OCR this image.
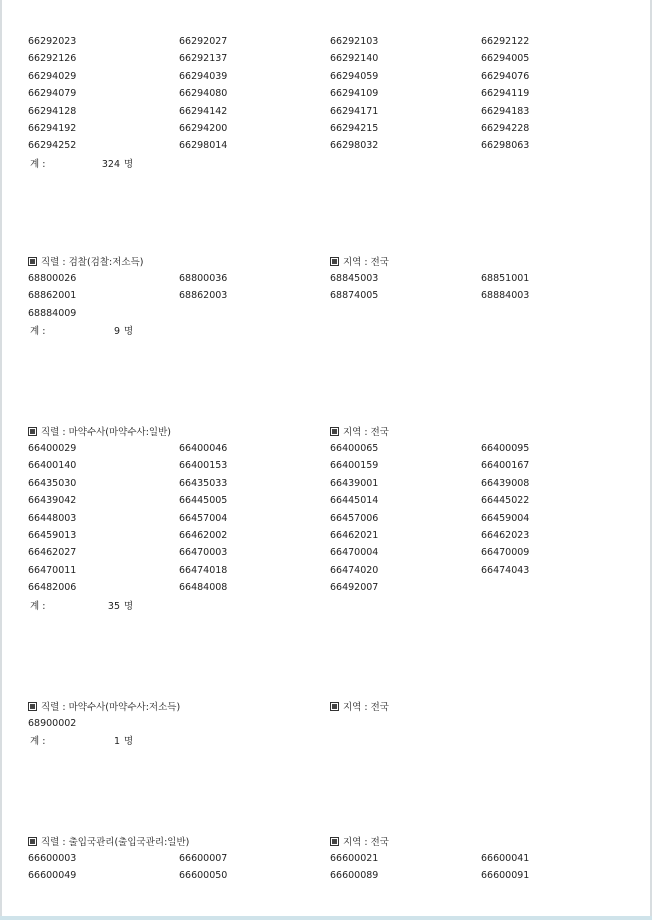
66292023	66292027	66292103	66292122
66292126	66292137	66292140	66294005
66294029	66294039	66294059	66294076
66294079	66294080	66294109	66294119
66294128	66294142	66294171	66294183
66294192	66294200	66294215	66294228
66294252	66298014	66298032	66298063
계 :	324 명
직렬 : 검찰(검찰:저소득)	지역 : 전국
68800026	68800036	68845003	68851001
68862001	68862003	68874005	68884003
68884009
계 :	9 명
직렬 : 마약수사(마약수사:일반)	지역 : 전국
66400029	66400046	66400065	66400095
66400140	66400153	66400159	66400167
66435030	66435033	66439001	66439008
66439042	66445005	66445014	66445022
66448003	66457004	66457006	66459004
66459013	66462002	66462021	66462023
66462027	66470003	66470004	66470009
66470011	66474018	66474020	66474043
66482006	66484008	66492007
계 :	35 명
직렬 : 마약수사(마약수사:저소득)	지역 : 전국
68900002
계 :	1 명
직렬 : 출입국관리(출입국관리:일반)	지역 : 전국
66600003	66600007	66600021	66600041
66600049	66600050	66600089	66600091
